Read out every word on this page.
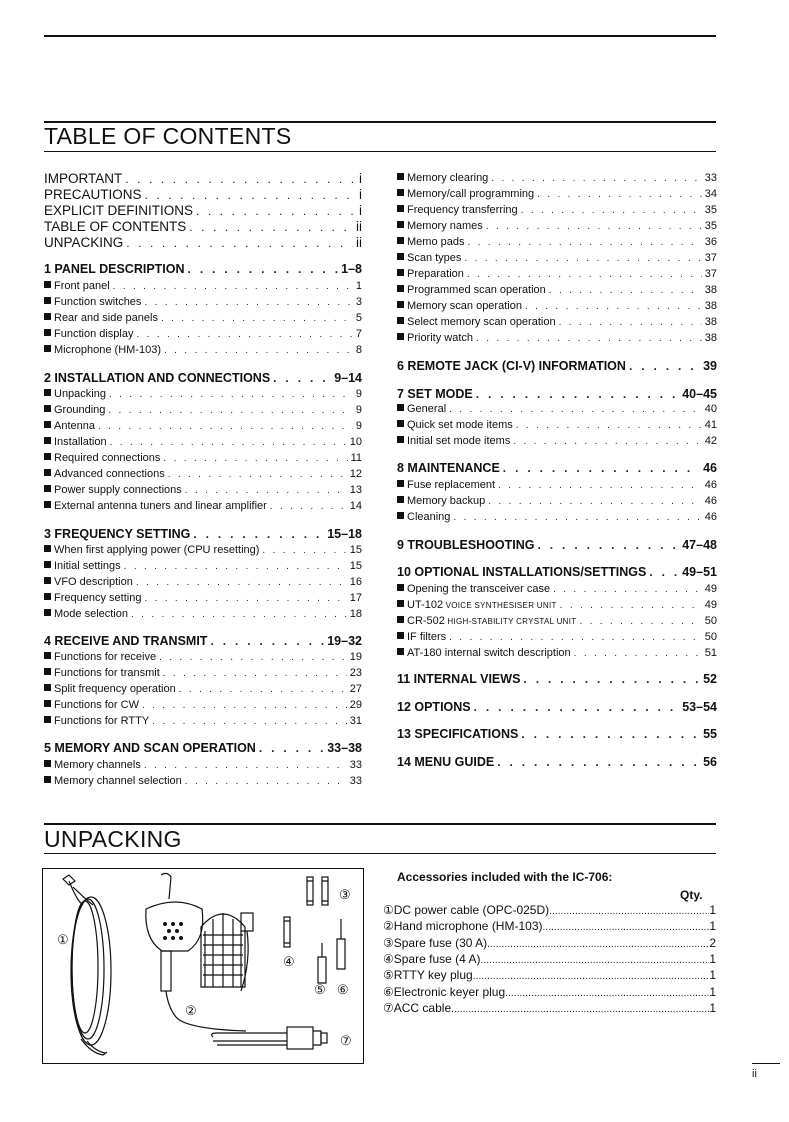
TABLE OF CONTENTS
IMPORTANT . . .	i
PRECAUTIONS . . .	i
EXPLICIT DEFINITIONS . . .	i
TABLE OF CONTENTS . . .	ii
UNPACKING . . .	ii
1 PANEL DESCRIPTION . . .	1–8
Front panel . . .	1
Function switches . . .	3
Rear and side panels . . .	5
Function display . . .	7
Microphone (HM-103) . . .	8
2 INSTALLATION AND CONNECTIONS . . .	9–14
Unpacking . . .	9
Grounding . . .	9
Antenna . . .	9
Installation . . .	10
Required connections . . .	11
Advanced connections . . .	12
Power supply connections . . .	13
External antenna tuners and linear amplifier . . .	14
3 FREQUENCY SETTING . . .	15–18
When first applying power (CPU resetting) . . .	15
Initial settings . . .	15
VFO description . . .	16
Frequency setting . . .	17
Mode selection . . .	18
4 RECEIVE AND TRANSMIT . . .	19–32
Functions for receive . . .	19
Functions for transmit . . .	23
Split frequency operation . . .	27
Functions for CW . . .	29
Functions for RTTY . . .	31
5 MEMORY AND SCAN OPERATION . . .	33–38
Memory channels . . .	33
Memory channel selection . . .	33
Memory clearing . . .	33
Memory/call programming . . .	34
Frequency transferring . . .	35
Memory names . . .	35
Memo pads . . .	36
Scan types . . .	37
Preparation . . .	37
Programmed scan operation . . .	38
Memory scan operation . . .	38
Select memory scan operation . . .	38
Priority watch . . .	38
6 REMOTE JACK (CI-V) INFORMATION . . .	39
7 SET MODE . . .	40–45
General . . .	40
Quick set mode items . . .	41
Initial set mode items . . .	42
8 MAINTENANCE . . .	46
Fuse replacement . . .	46
Memory backup . . .	46
Cleaning . . .	46
9 TROUBLESHOOTING . . .	47–48
10 OPTIONAL INSTALLATIONS/SETTINGS . . .	49–51
Opening the transceiver case . . .	49
UT-102 VOICE SYNTHESISER UNIT . . .	49
CR-502 HIGH-STABILITY CRYSTAL UNIT . . .	50
IF filters . . .	50
AT-180 internal switch description . . .	51
11 INTERNAL VIEWS . . .	52
12 OPTIONS . . .	53–54
13 SPECIFICATIONS . . .	55
14 MENU GUIDE . . .	56
UNPACKING
①
②
③
④
⑤ ⑥
⑦
Accessories included with the IC-706:
Qty.
①DC power cable (OPC-025D) .....	1
②Hand microphone (HM-103) .....	1
③Spare fuse (30 A) .....	2
④Spare fuse (4 A) .....	1
⑤RTTY key plug .....	1
⑥Electronic keyer plug .....	1
⑦ACC cable .....	1
ii
